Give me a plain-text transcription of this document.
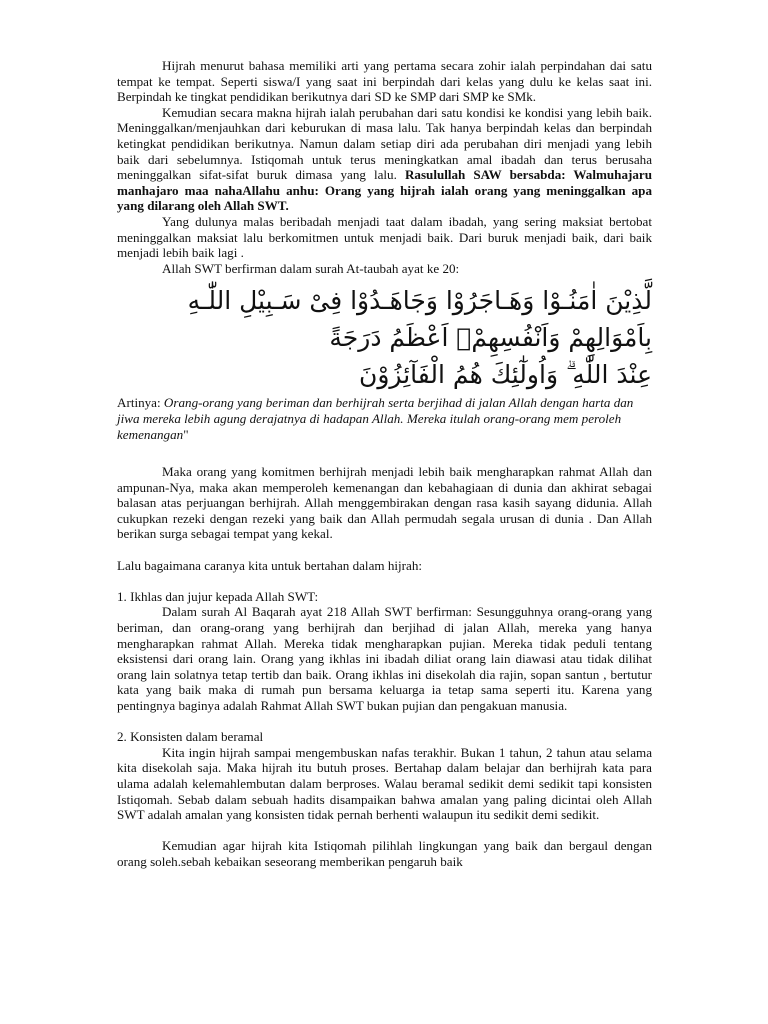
Hijrah menurut bahasa memiliki arti yang pertama secara zohir ialah perpindahan dai satu tempat ke tempat. Seperti siswa/I yang saat ini berpindah dari kelas yang dulu ke kelas saat ini. Berpindah ke tingkat pendidikan berikutnya dari SD ke SMP dari SMP ke SMk.

Kemudian secara makna hijrah ialah perubahan dari satu kondisi ke kondisi yang lebih baik. Meninggalkan/menjauhkan dari keburukan di masa lalu. Tak hanya berpindah kelas dan berpindah ketingkat pendidikan berikutnya. Namun dalam setiap diri ada perubahan diri menjadi yang lebih baik dari sebelumnya. Istiqomah untuk terus meningkatkan amal ibadah dan terus berusaha meninggalkan sifat-sifat buruk dimasa yang lalu. Rasulullah SAW bersabda: Walmuhajaru manhajaro maa nahaAllahu anhu: Orang yang hijrah ialah orang yang meninggalkan apa yang dilarang oleh Allah SWT.

Yang dulunya malas beribadah menjadi taat dalam ibadah, yang sering maksiat bertobat meninggalkan maksiat lalu berkomitmen untuk menjadi baik. Dari buruk menjadi baik, dari baik menjadi lebih baik lagi .

Allah SWT berfirman dalam surah At-taubah ayat ke 20:

لَّذِيْنَ اٰمَنُـوْا وَهَـاجَرُوْا وَجَاهَـدُوْا فِىْ سَـبِيْلِ اللّٰـهِ
بِاَمْوَالِهِمْ وَاَنْفُسِهِمْۙ اَعْظَمُ دَرَجَةً
عِنْدَ اللّٰهِ ۗ وَاُولٰٓئِكَ هُمُ الْفَآئِزُوْنَ

Artinya: Orang-orang yang beriman dan berhijrah serta berjihad di jalan Allah dengan harta dan jiwa mereka lebih agung derajatnya di hadapan Allah. Mereka itulah orang-orang mem peroleh kemenangan"

Maka orang yang komitmen berhijrah menjadi lebih baik mengharapkan rahmat Allah dan ampunan-Nya, maka akan memperoleh kemenangan dan kebahagiaan di dunia dan akhirat sebagai balasan atas perjuangan berhijrah. Allah menggembirakan dengan rasa kasih sayang didunia. Allah cukupkan rezeki dengan rezeki yang baik dan Allah permudah segala urusan di dunia . Dan Allah berikan surga sebagai tempat yang kekal.

Lalu bagaimana caranya kita untuk bertahan dalam hijrah:

1. Ikhlas dan jujur kepada Allah SWT:

Dalam surah Al Baqarah ayat 218 Allah SWT berfirman: Sesungguhnya orang-orang yang beriman, dan orang-orang yang berhijrah dan berjihad di jalan Allah, mereka yang hanya mengharapkan rahmat Allah. Mereka tidak mengharapkan pujian. Mereka tidak peduli tentang eksistensi dari orang lain. Orang yang ikhlas ini ibadah diliat orang lain diawasi atau tidak dilihat orang lain solatnya tetap tertib dan baik. Orang ikhlas ini disekolah dia rajin, sopan santun , bertutur kata yang baik maka di rumah pun bersama keluarga ia tetap sama seperti itu. Karena yang pentingnya baginya adalah Rahmat Allah SWT bukan pujian dan pengakuan manusia.

2. Konsisten dalam beramal

Kita ingin hijrah sampai mengembuskan nafas terakhir. Bukan 1 tahun, 2 tahun atau selama kita disekolah saja. Maka hijrah itu butuh proses. Bertahap dalam belajar dan berhijrah kata para ulama adalah kelemahlembutan dalam berproses. Walau beramal sedikit demi sedikit tapi konsisten Istiqomah. Sebab dalam sebuah hadits disampaikan bahwa amalan yang paling dicintai oleh Allah SWT adalah amalan yang konsisten tidak pernah berhenti walaupun itu sedikit demi sedikit.

Kemudian agar hijrah kita Istiqomah pilihlah lingkungan yang baik dan bergaul dengan orang soleh.sebah kebaikan seseorang memberikan pengaruh baik
